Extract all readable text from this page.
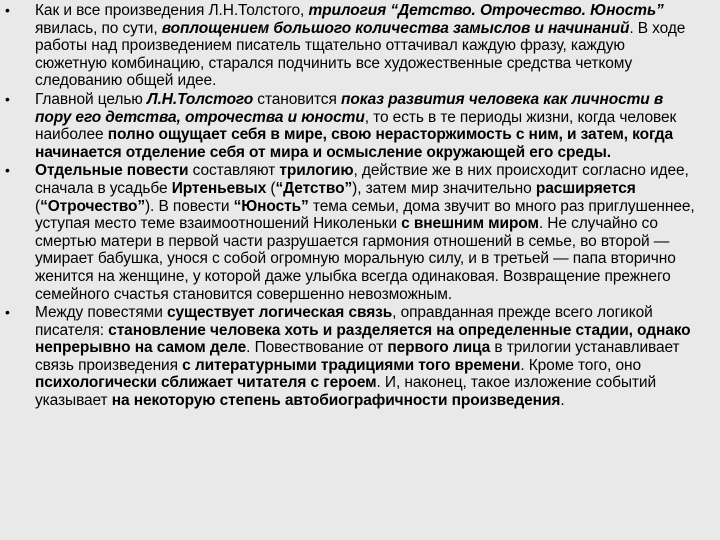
• Как и все произведения Л.Н.Толстого, трилогия “Детство. Отрочество. Юность” явилась, по сути, воплощением большого количества замыслов и начинаний. В ходе работы над произведением писатель тщательно оттачивал каждую фразу, каждую сюжетную комбинацию, старался подчинить все художественные средства четкому следованию общей идее.
• Главной целью Л.Н.Толстого становится показ развития человека как личности в пору его детства, отрочества и юности, то есть в те периоды жизни, когда человек наиболее полно ощущает себя в мире, свою нерасторжимость с ним, и затем, когда начинается отделение себя от мира и осмысление окружающей его среды.
• Отдельные повести составляют трилогию, действие же в них происходит согласно идее, сначала в усадьбе Иртеньевых (“Детство”), затем мир значительно расширяется (“Отрочество”). В повести “Юность” тема семьи, дома звучит во много раз приглушеннее, уступая место теме взаимоотношений Николеньки с внешним миром. Не случайно со смертью матери в первой части разрушается гармония отношений в семье, во второй — умирает бабушка, унося с собой огромную моральную силу, и в третьей — папа вторично женится на женщине, у которой даже улыбка всегда одинаковая. Возвращение прежнего семейного счастья становится совершенно невозможным.
• Между повестями существует логическая связь, оправданная прежде всего логикой писателя: становление человека хоть и разделяется на определенные стадии, однако непрерывно на самом деле. Повествование от первого лица в трилогии устанавливает связь произведения с литературными традициями того времени. Кроме того, оно психологически сближает читателя с героем. И, наконец, такое изложение событий указывает на некоторую степень автобиографичности произведения.
